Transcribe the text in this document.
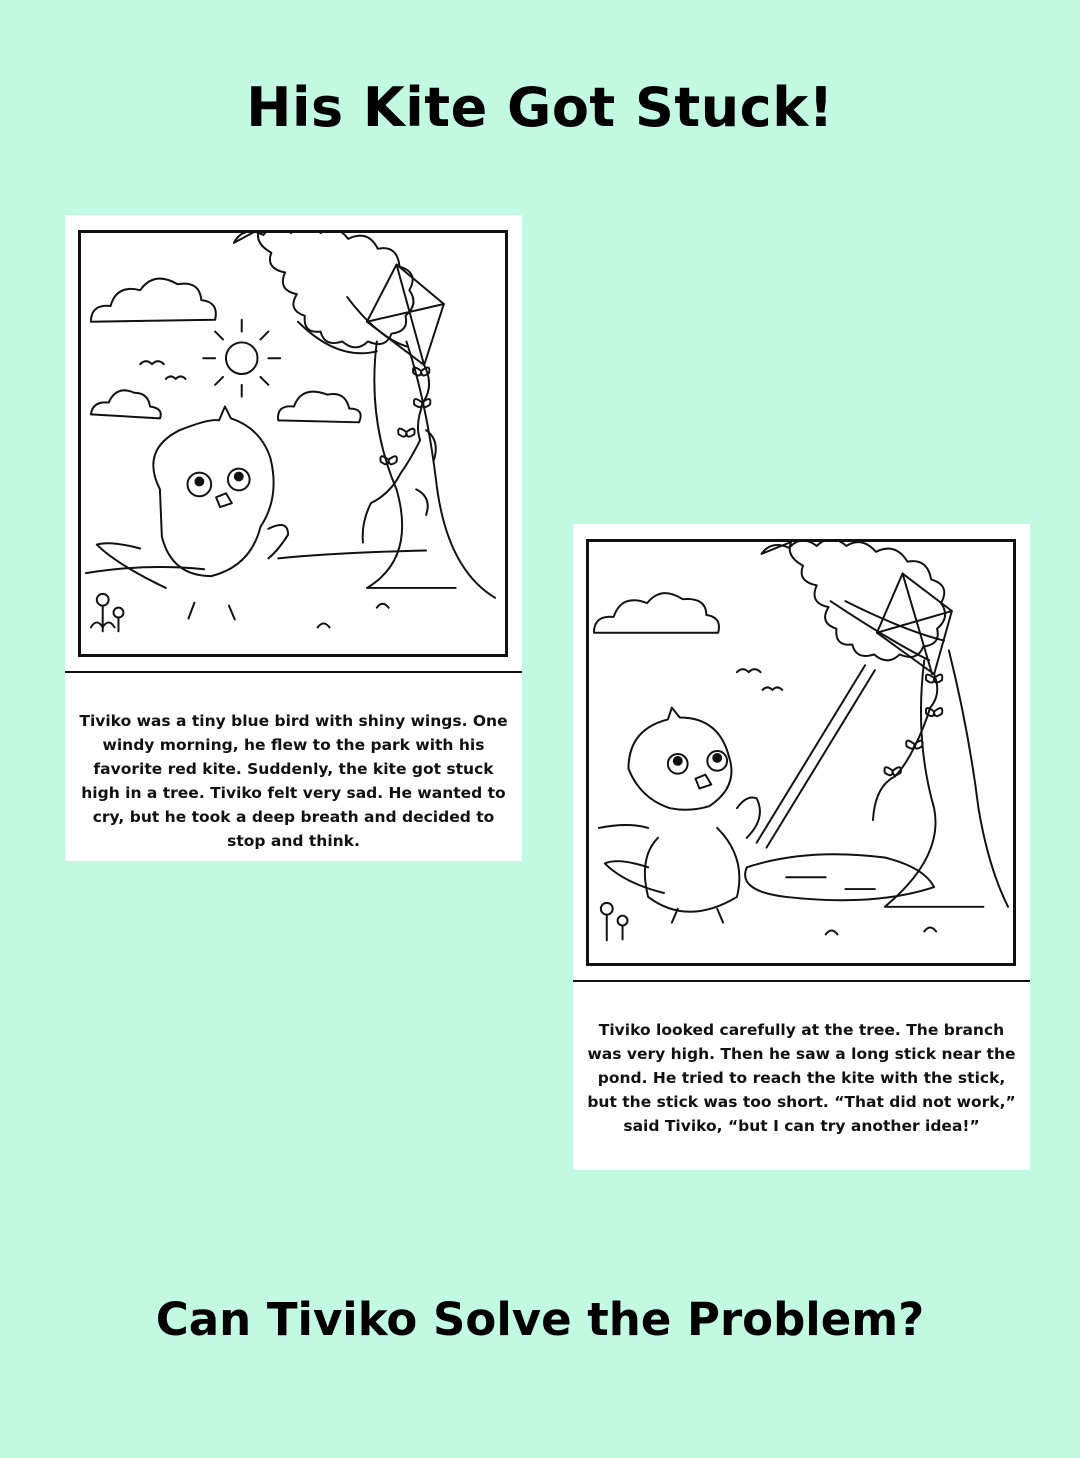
His Kite Got Stuck!

Tiviko was a tiny blue bird with shiny wings. One windy morning, he flew to the park with his favorite red kite. Suddenly, the kite got stuck high in a tree. Tiviko felt very sad. He wanted to cry, but he took a deep breath and decided to stop and think.

Tiviko looked carefully at the tree. The branch was very high. Then he saw a long stick near the pond. He tried to reach the kite with the stick, but the stick was too short. “That did not work,” said Tiviko, “but I can try another idea!”

Can Tiviko Solve the Problem?
